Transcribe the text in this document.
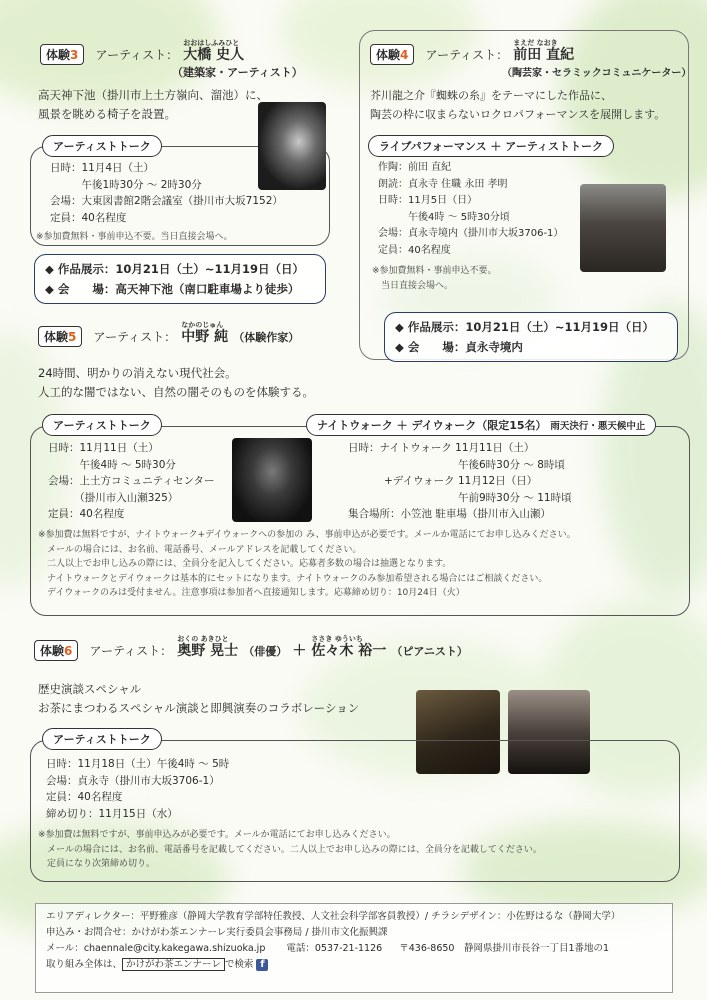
体験3 アーティスト：
おおはしふみひと
大橋 史人
（建築家・アーティスト）
高天神下池（掛川市上土方嶺向、溜池）に、
風景を眺める椅子を設置。
アーティストトーク
日時：11月4日（土）
　　　午後1時30分 ～ 2時30分
会場：大東図書館2階会議室（掛川市大坂7152）
定員：40名程度
※参加費無料・事前申込不要。当日直接会場へ。
◆ 作品展示：10月21日（土）~11月19日（日）
◆ 会　　場：高天神下池（南口駐車場より徒歩）
体験4 アーティスト：
まえだ なおき
前田 直紀
（陶芸家・セラミックコミュニケーター）
芥川龍之介『蜘蛛の糸』をテーマにした作品に、
陶芸の枠に収まらないロクロパフォーマンスを展開します。
ライブパフォーマンス ＋ アーティストトーク
作陶：前田 直紀
朗読：貞永寺 住職 永田 孝明
日時：11月5日（日）
　　　午後4時 ～ 5時30分頃
会場：貞永寺境内（掛川市大坂3706-1）
定員：40名程度
※参加費無料・事前申込不要。
　当日直接会場へ。
◆ 作品展示：10月21日（土）~11月19日（日）
◆ 会　　場：貞永寺境内
体験5 アーティスト：
なかのじゅん
中野 純 （体験作家）
24時間、明かりの消えない現代社会。
人工的な闇ではない、自然の闇そのものを体験する。
アーティストトーク	ナイトウォーク ＋ デイウォーク（限定15名） 雨天決行・悪天候中止
日時：11月11日（土）
　　　午後4時 ～ 5時30分
会場：上土方コミュニティセンター
　　　（掛川市入山瀬325）
定員：40名程度
日時：ナイトウォーク 11月11日（土）
午後6時30分 ～ 8時頃
+デイウォーク 11月12日（日）
午前9時30分 ～ 11時頃
集合場所：小笠池 駐車場（掛川市入山瀬）
※参加費は無料ですが、ナイトウォーク+デイウォークへの参加の み、事前申込が必要です。メールか電話にてお申し込みください。
　メールの場合には、お名前、電話番号、メールアドレスを記載してください。
　二人以上でお申し込みの際には、全員分を記入してください。応募者多数の場合は抽選となります。
　ナイトウォークとデイウォークは基本的にセットになります。ナイトウォークのみ参加希望される場合にはご相談ください。
　デイウォークのみは受付ません。注意事項は参加者へ直接通知します。応募締め切り：10月24日（火）
体験6 アーティスト：
おくの あきひと
奥野 晃士 （俳優） ＋
ささき ゆういち
佐々木 裕一 （ピアニスト）
歴史演談スペシャル
お茶にまつわるスペシャル演談と即興演奏のコラボレーション
アーティストトーク
日時：11月18日（土）午後4時 ～ 5時
会場：貞永寺（掛川市大坂3706-1）
定員：40名程度
締め切り：11月15日（水）
※参加費は無料ですが、事前申込みが必要です。メールか電話にてお申し込みください。
　メールの場合には、お名前、電話番号を記載してください。二人以上でお申し込みの際には、全員分を記載してください。
　定員になり次第締め切り。
エリアディレクター：平野雅彦（静岡大学教育学部特任教授、人文社会科学部客員教授）/ チラシデザイン：小佐野はるな（静岡大学）
申込み・お問合せ：かけがわ茶エンナーレ実行委員会事務局 / 掛川市文化振興課
メール：chaennale@city.kakegawa.shizuoka.jp 電話：0537-21-1126 〒436-8650　静岡県掛川市長谷一丁目1番地の1
取り組み全体は、 かけがわ茶エンナーレ で検索 f
